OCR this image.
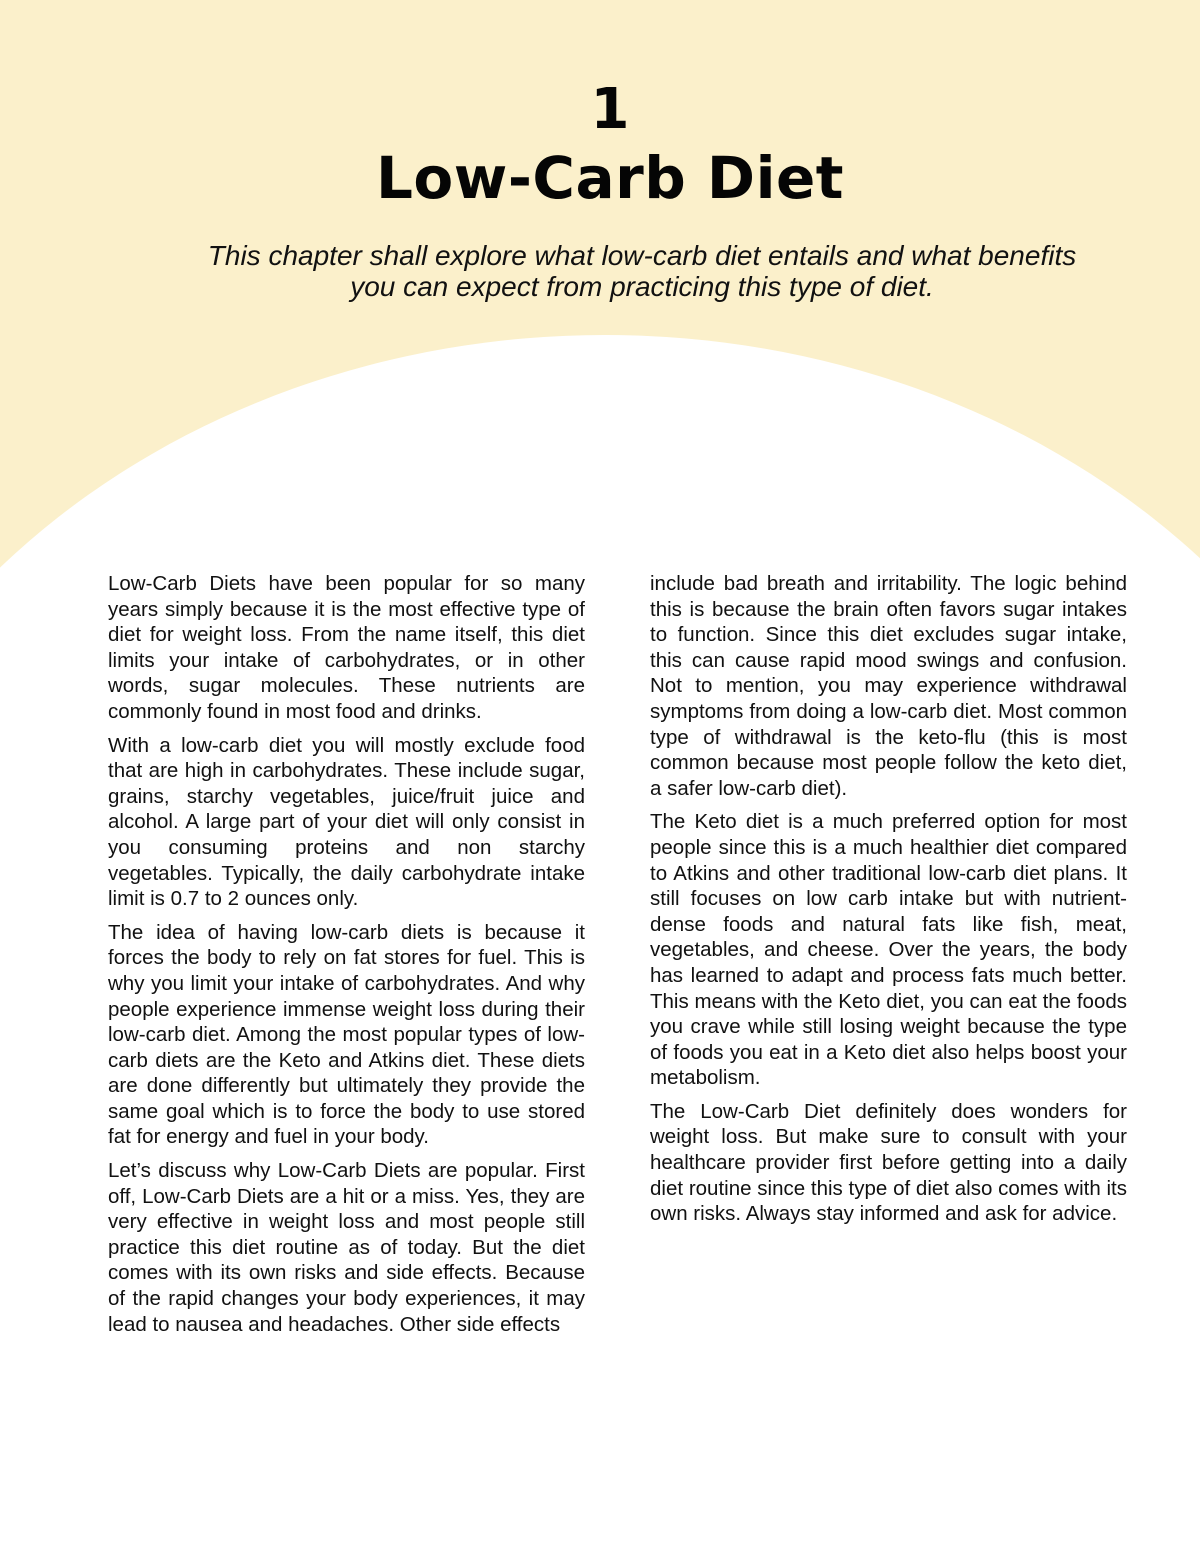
1
Low-Carb Diet
This chapter shall explore what low-carb diet entails and what benefits you can expect from practicing this type of diet.

Low-Carb Diets have been popular for so many years simply because it is the most effective type of diet for weight loss. From the name itself, this diet limits your intake of carbohydrates, or in other words, sugar molecules. These nutrients are commonly found in most food and drinks.

With a low-carb diet you will mostly exclude food that are high in carbohydrates. These include sugar, grains, starchy vegetables, juice/fruit juice and alcohol. A large part of your diet will only consist in you consuming proteins and non starchy vegetables. Typically, the daily carbohydrate intake limit is 0.7 to 2 ounces only.

The idea of having low-carb diets is because it forces the body to rely on fat stores for fuel. This is why you limit your intake of carbohydrates. And why people experience immense weight loss during their low-carb diet. Among the most popular types of low-carb diets are the Keto and Atkins diet. These diets are done differently but ultimately they provide the same goal which is to force the body to use stored fat for energy and fuel in your body.

Let’s discuss why Low-Carb Diets are popular. First off, Low-Carb Diets are a hit or a miss. Yes, they are very effective in weight loss and most people still practice this diet routine as of today. But the diet comes with its own risks and side effects. Because of the rapid changes your body experiences, it may lead to nausea and headaches. Other side effects

include bad breath and irritability. The logic behind this is because the brain often favors sugar intakes to function. Since this diet excludes sugar intake, this can cause rapid mood swings and confusion. Not to mention, you may experience withdrawal symptoms from doing a low-carb diet. Most common type of withdrawal is the keto-flu (this is most common because most people follow the keto diet, a safer low-carb diet).

The Keto diet is a much preferred option for most people since this is a much healthier diet compared to Atkins and other traditional low-carb diet plans. It still focuses on low carb intake but with nutrient-dense foods and natural fats like fish, meat, vegetables, and cheese. Over the years, the body has learned to adapt and process fats much better. This means with the Keto diet, you can eat the foods you crave while still losing weight because the type of foods you eat in a Keto diet also helps boost your metabolism.

The Low-Carb Diet definitely does wonders for weight loss. But make sure to consult with your healthcare provider first before getting into a daily diet routine since this type of diet also comes with its own risks. Always stay informed and ask for advice.
